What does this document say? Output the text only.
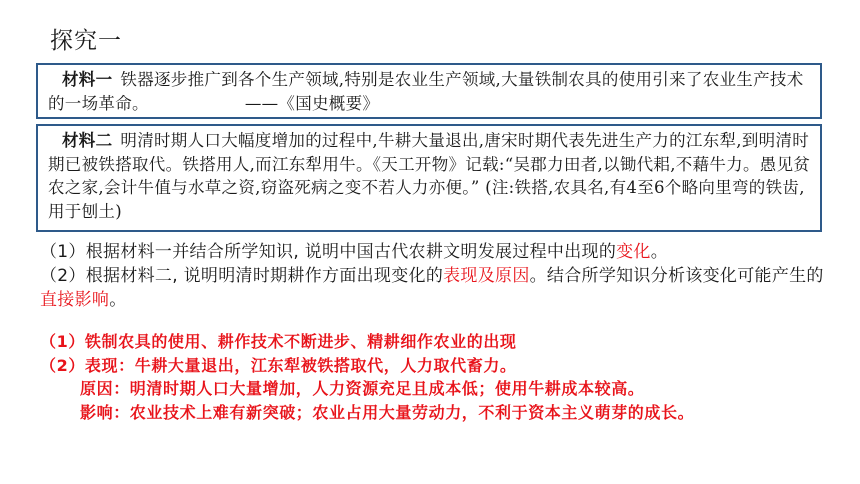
探究一
材料一 铁器逐步推广到各个生产领域,特别是农业生产领域,大量铁制农具的使用引来了农业生产技术的一场革命。	——《国史概要》
材料二 明清时期人口大幅度增加的过程中,牛耕大量退出,唐宋时期代表先进生产力的江东犁,到明清时期已被铁搭取代。铁搭用人,而江东犁用牛。《天工开物》记载:“吴郡力田者,以锄代耜,不藉牛力。愚见贫农之家,会计牛值与水草之资,窃盗死病之变不若人力亦便。” (注:铁搭,农具名,有4至6个略向里弯的铁齿,用于刨土)
（1）根据材料一并结合所学知识, 说明中国古代农耕文明发展过程中出现的变化。
（2）根据材料二, 说明明清时期耕作方面出现变化的表现及原因。结合所学知识分析该变化可能产生的直接影响。
（1）铁制农具的使用、耕作技术不断进步、精耕细作农业的出现
（2）表现：牛耕大量退出，江东犁被铁搭取代，人力取代畜力。
原因：明清时期人口大量增加，人力资源充足且成本低；使用牛耕成本较高。
影响：农业技术上难有新突破；农业占用大量劳动力，不利于资本主义萌芽的成长。
